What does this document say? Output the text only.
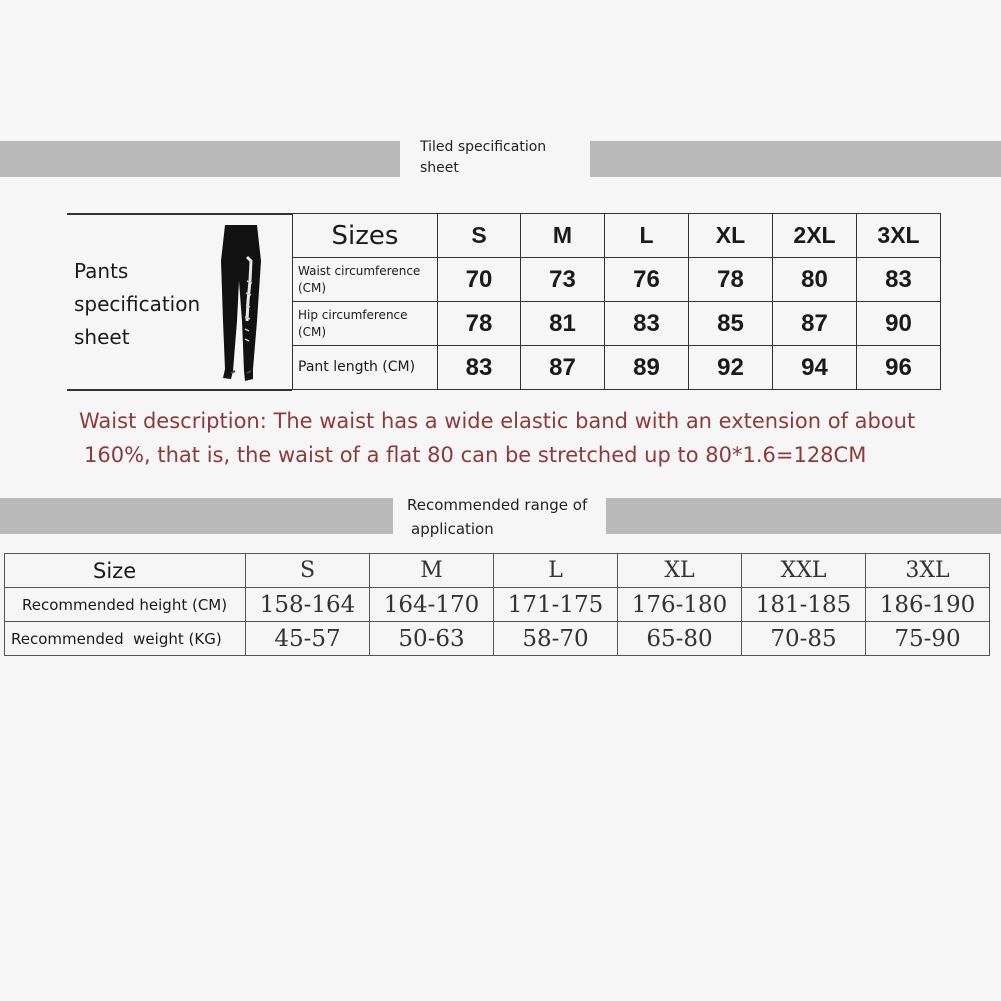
Tiled specification
sheet
Pants
specification
sheet
Sizes	S	M	L	XL	2XL	3XL
Waist circumference
(CM)	70	73	76	78	80	83
Hip circumference
(CM)	78	81	83	85	87	90
Pant length (CM)	83	87	89	92	94	96
Waist description: The waist has a wide elastic band with an extension of about
160%, that is, the waist of a flat 80 can be stretched up to 80*1.6=128CM
Recommended range of
application
Size	S	M	L	XL	XXL	3XL
Recommended height (CM)	158-164	164-170	171-175	176-180	181-185	186-190
Recommended  weight (KG)	45-57	50-63	58-70	65-80	70-85	75-90
